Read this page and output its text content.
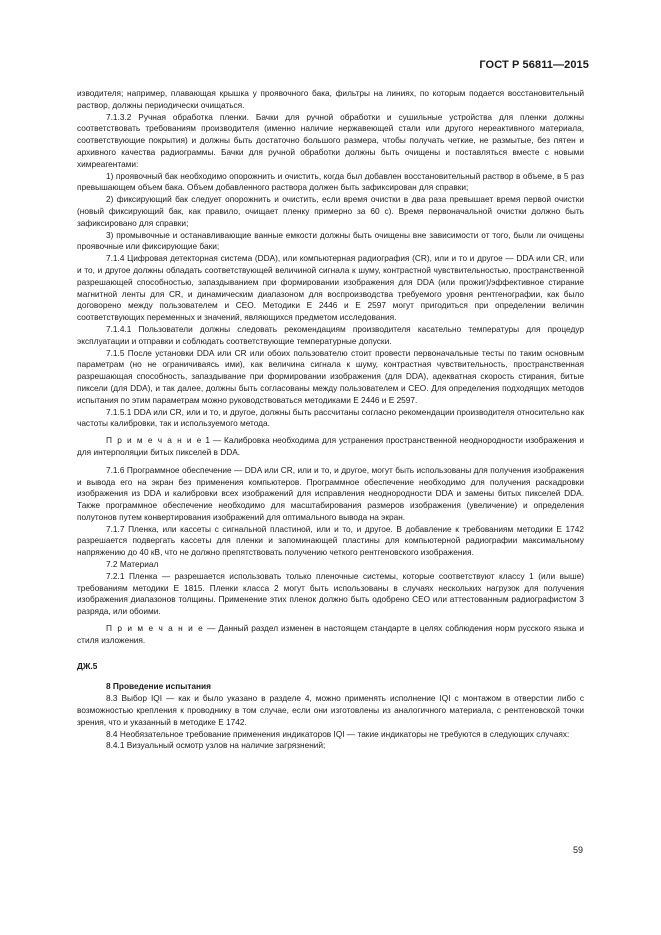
ГОСТ Р 56811—2015

изводителя; например, плавающая крышка у проявочного бака, фильтры на линиях, по которым подается восстановительный раствор, должны периодически очищаться.

7.1.3.2 Ручная обработка пленки. Бачки для ручной обработки и сушильные устройства для пленки должны соответствовать требованиям производителя (именно наличие нержавеющей стали или другого нереактивного материала, соответствующие покрытия) и должны быть достаточно большого размера, чтобы получать четкие, не размытые, без пятен и архивного качества радиограммы. Бачки для ручной обработки должны быть очищены и поставляться вместе с новыми химреагентами:

1) проявочный бак необходимо опорожнить и очистить, когда был добавлен восстановительный раствор в объеме, в 5 раз превышающем объем бака. Объем добавленного раствора должен быть зафиксирован для справки;

2) фиксирующий бак следует опорожнить и очистить, если время очистки в два раза превышает время первой очистки (новый фиксирующий бак, как правило, очищает пленку примерно за 60 с). Время первоначальной очистки должно быть зафиксировано для справки;

3) промывочные и останавливающие ванные емкости должны быть очищены вне зависимости от того, были ли очищены проявочные или фиксирующие баки;

7.1.4 Цифровая детекторная система (DDA), или компьютерная радиография (CR), или и то и другое — DDA или CR, или и то, и другое должны обладать соответствующей величиной сигнала к шуму, контрастной чувствительностью, пространственной разрешающей способностью, запаздыванием при формировании изображения для DDA (или прожиг)/эффективное стирание магнитной ленты для CR, и динамическим диапазоном для воспроизводства требуемого уровня рентгенографии, как было договорено между пользователем и CEO. Методики E 2446 и E 2597 могут пригодиться при определении величин соответствующих переменных и значений, являющихся предметом исследования.

7.1.4.1 Пользователи должны следовать рекомендациям производителя касательно температуры для процедур эксплуатации и отправки и соблюдать соответствующие температурные допуски.

7.1.5 После установки DDA или CR или обоих пользователю стоит провести первоначальные тесты по таким основным параметрам (но не ограничиваясь ими), как величина сигнала к шуму, контрастная чувствительность, пространственная разрешающая способность, запаздывание при формировании изображения (для DDA), адекватная скорость стирания, битые пиксели (для DDA), и так далее, должны быть согласованы между пользователем и CEO. Для определения подходящих методов испытания по этим параметрам можно руководствоваться методиками E 2446 и E 2597.

7.1.5.1 DDA или CR, или и то, и другое, должны быть рассчитаны согласно рекомендации производителя относительно как частоты калибровки, так и используемого метода.

П р и м е ч а н и е 1 — Калибровка необходима для устранения пространственной неоднородности изображения и для интерполяции битых пикселей в DDA.

7.1.6 Программное обеспечение — DDA или CR, или и то, и другое, могут быть использованы для получения изображения и вывода его на экран без применения компьютеров. Программное обеспечение необходимо для получения раскадровки изображения из DDA и калибровки всех изображений для исправления неоднородности DDA и замены битых пикселей DDA. Также программное обеспечение необходимо для масштабирования размеров изображения (увеличение) и определения полутонов путем конвертирования изображений для оптимального вывода на экран.

7.1.7 Пленка, или кассеты с сигнальной пластиной, или и то, и другое. В добавление к требованиям методики E 1742 разрешается подвергать кассеты для пленки и запоминающей пластины для компьютерной радиографии максимальному напряжению до 40 кВ, что не должно препятствовать получению четкого рентгеновского изображения.

7.2 Материал

7.2.1 Пленка — разрешается использовать только пленочные системы, которые соответствуют классу 1 (или выше) требованиям методики E 1815. Пленки класса 2 могут быть использованы в случаях нескольких нагрузок для получения изображения диапазонов толщины. Применение этих пленок должно быть одобрено CEO или аттестованным радиографистом 3 разряда, или обоими.

П р и м е ч а н и е — Данный раздел изменен в настоящем стандарте в целях соблюдения норм русского языка и стиля изложения.

ДЖ.5

8 Проведение испытания

8.3 Выбор IQI — как и было указано в разделе 4, можно применять исполнение IQI с монтажом в отверстии либо с возможностью крепления к проводнику в том случае, если они изготовлены из аналогичного материала, с рентгеновской точки зрения, что и указанный в методике E 1742.

8.4 Необязательное требование применения индикаторов IQI — такие индикаторы не требуются в следующих случаях:

8.4.1 Визуальный осмотр узлов на наличие загрязнений;

59
